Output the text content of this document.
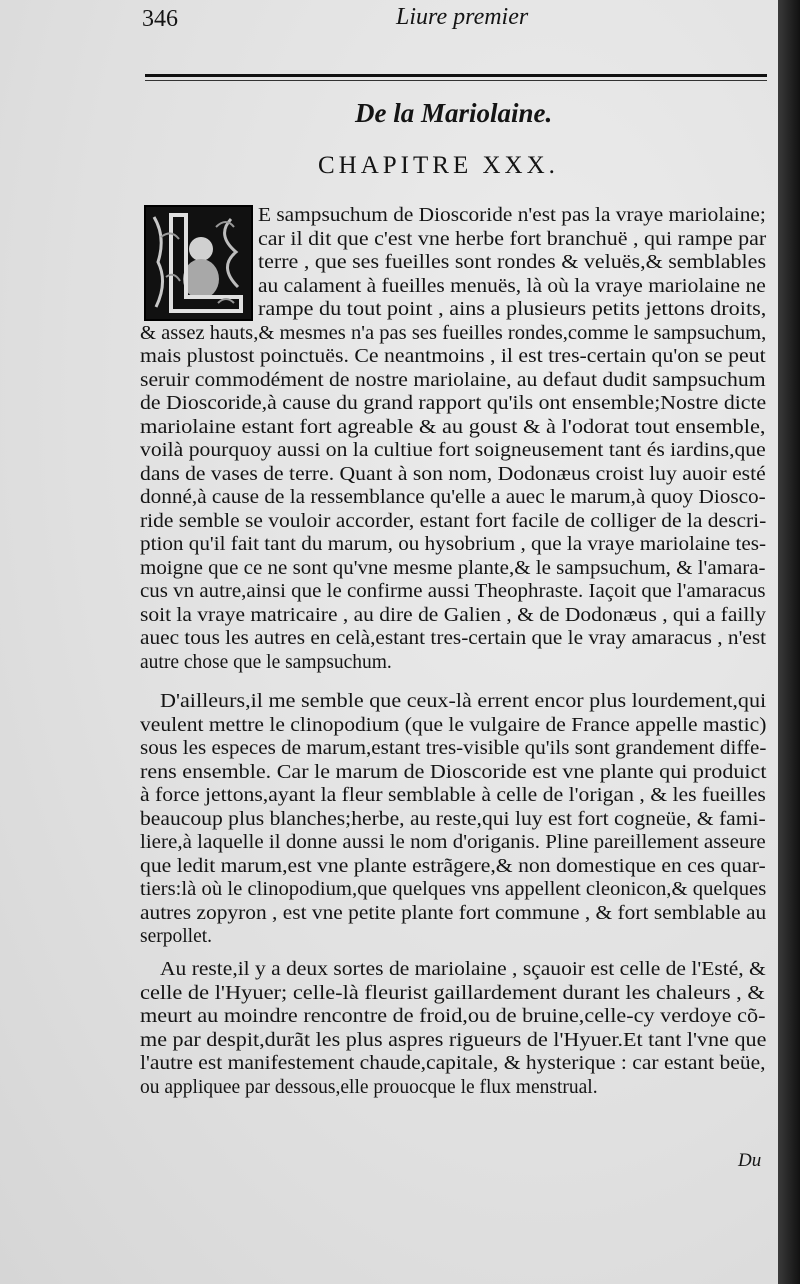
346	Liure premier
De la Mariolaine.
CHAPITRE XXX.
E sampsuchum de Dioscoride n'est pas la vraye mariolaine;
car il dit que c'est vne herbe fort branchuë , qui rampe par
terre , que ses fueilles sont rondes & veluës,& semblables
au calament à fueilles menuës, là où la vraye mariolaine ne
rampe du tout point , ains a plusieurs petits jettons droits,
& assez hauts,& mesmes n'a pas ses fueilles rondes,comme le sampsuchum,
mais plustost poinctuës. Ce neantmoins , il est tres-certain qu'on se peut
seruir commodément de nostre mariolaine, au defaut dudit sampsuchum
de Dioscoride,à cause du grand rapport qu'ils ont ensemble;Nostre dicte
mariolaine estant fort agreable & au goust & à l'odorat tout ensemble,
voilà pourquoy aussi on la cultiue fort soigneusement tant és iardins,que
dans de vases de terre. Quant à son nom, Dodonæus croist luy auoir esté
donné,à cause de la ressemblance qu'elle a auec le marum,à quoy Diosco-
ride semble se vouloir accorder, estant fort facile de colliger de la descri-
ption qu'il fait tant du marum, ou hysobrium , que la vraye mariolaine tes-
moigne que ce ne sont qu'vne mesme plante,& le sampsuchum, & l'amara-
cus vn autre,ainsi que le confirme aussi Theophraste. Iaçoit que l'amaracus
soit la vraye matricaire , au dire de Galien , & de Dodonæus , qui a failly
auec tous les autres en celà,estant tres-certain que le vray amaracus , n'est
autre chose que le sampsuchum.
D'ailleurs,il me semble que ceux-là errent encor plus lourdement,qui
veulent mettre le clinopodium (que le vulgaire de France appelle mastic)
sous les especes de marum,estant tres-visible qu'ils sont grandement diffe-
rens ensemble. Car le marum de Dioscoride est vne plante qui produict
à force jettons,ayant la fleur semblable à celle de l'origan , & les fueilles
beaucoup plus blanches;herbe, au reste,qui luy est fort cogneüe, & fami-
liere,à laquelle il donne aussi le nom d'origanis. Pline pareillement asseure
que ledit marum,est vne plante estrãgere,& non domestique en ces quar-
tiers:là où le clinopodium,que quelques vns appellent cleonicon,& quelques
autres zopyron , est vne petite plante fort commune , & fort semblable au
serpollet.
Au reste,il y a deux sortes de mariolaine , sçauoir est celle de l'Esté, &
celle de l'Hyuer; celle-là fleurist gaillardement durant les chaleurs , &
meurt au moindre rencontre de froid,ou de bruine,celle-cy verdoye cõ-
me par despit,durãt les plus aspres rigueurs de l'Hyuer.Et tant l'vne que
l'autre est manifestement chaude,capitale, & hysterique : car estant beüe,
ou appliquee par dessous,elle prouocque le flux menstrual.
Du
